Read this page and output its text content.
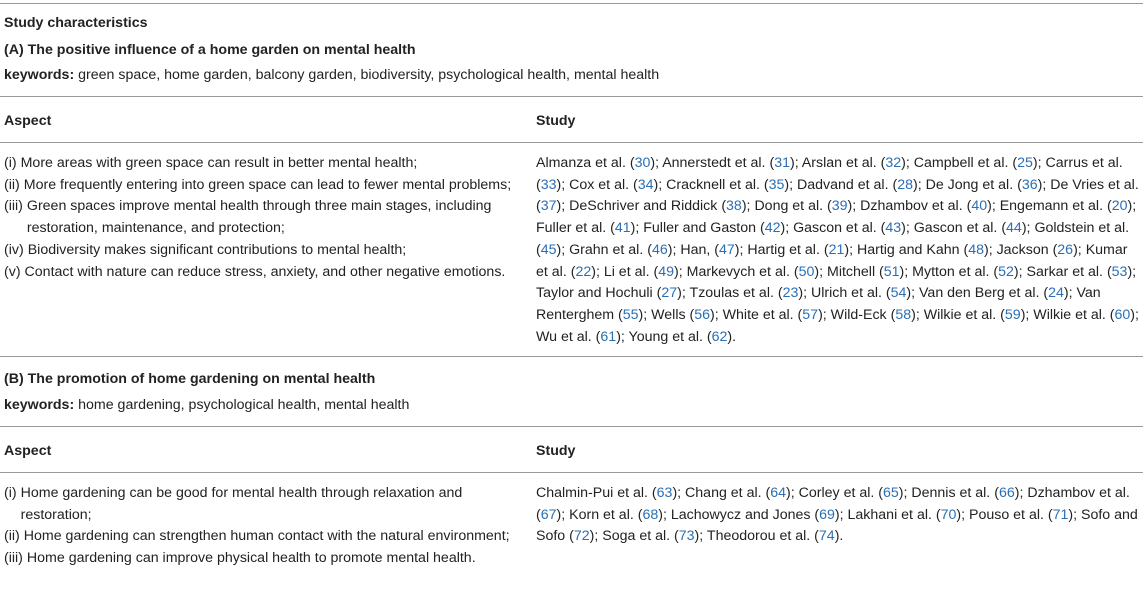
Study characteristics
(A) The positive influence of a home garden on mental health
keywords: green space, home garden, balcony garden, biodiversity, psychological health, mental health
Aspect	Study
(i) More areas with green space can result in better mental health;
(ii) More frequently entering into green space can lead to fewer mental problems;
(iii) Green spaces improve mental health through three main stages, including restoration, maintenance, and protection;
(iv) Biodiversity makes significant contributions to mental health;
(v) Contact with nature can reduce stress, anxiety, and other negative emotions.
Almanza et al. (30); Annerstedt et al. (31); Arslan et al. (32); Campbell et al. (25); Carrus et al. (33); Cox et al. (34); Cracknell et al. (35); Dadvand et al. (28); De Jong et al. (36); De Vries et al. (37); DeSchriver and Riddick (38); Dong et al. (39); Dzhambov et al. (40); Engemann et al. (20); Fuller et al. (41); Fuller and Gaston (42); Gascon et al. (43); Gascon et al. (44); Goldstein et al. (45); Grahn et al. (46); Han, (47); Hartig et al. (21); Hartig and Kahn (48); Jackson (26); Kumar et al. (22); Li et al. (49); Markevych et al. (50); Mitchell (51); Mytton et al. (52); Sarkar et al. (53); Taylor and Hochuli (27); Tzoulas et al. (23); Ulrich et al. (54); Van den Berg et al. (24); Van Renterghem (55); Wells (56); White et al. (57); Wild-Eck (58); Wilkie et al. (59); Wilkie et al. (60); Wu et al. (61); Young et al. (62).
(B) The promotion of home gardening on mental health
keywords: home gardening, psychological health, mental health
Aspect	Study
(i) Home gardening can be good for mental health through relaxation and restoration;
(ii) Home gardening can strengthen human contact with the natural environment;
(iii) Home gardening can improve physical health to promote mental health.
Chalmin-Pui et al. (63); Chang et al. (64); Corley et al. (65); Dennis et al. (66); Dzhambov et al. (67); Korn et al. (68); Lachowycz and Jones (69); Lakhani et al. (70); Pouso et al. (71); Sofo and Sofo (72); Soga et al. (73); Theodorou et al. (74).
